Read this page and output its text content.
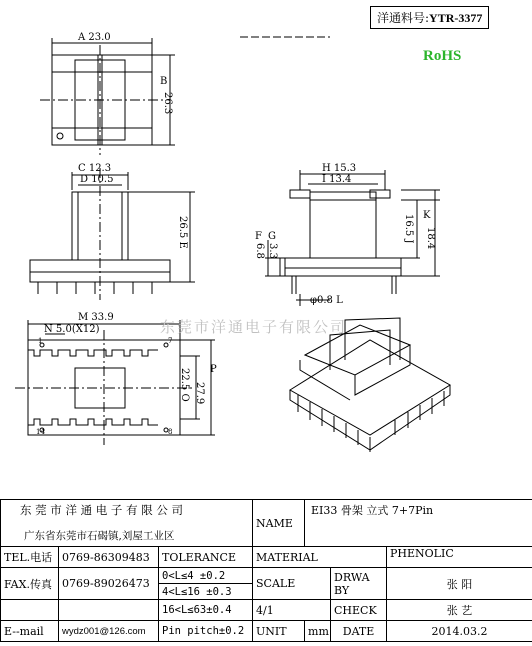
洋通料号:YTR-3377
RoHS
A 23.0
B
26.3
C 12.3
D 10.5
26.5 E
H 15.3
I 13.4
16.5 J K
18.4
F
6.8
G
3.3
φ0.8 L
M 33.9
N 5.0(X12)
22.5 O P
27.9
1
14
7
8
东莞市洋通电子有限公司
东 莞 市 洋 通 电 子 有 限 公 司
广东省东莞市石碣镇,刘屋工业区			NAME	EI33 骨架 立式 7+7Pin		

TEL.电话	0769-86309483	TOLERANCE	MATERIAL			PHENOLIC
FAX.传真	0769-89026473	0<L≤4 ±0.2	SCALE		DRWA BY	张 阳
		4<L≤16 ±0.3				
		16<L≤63±0.4	4/1		CHECK	张 艺
E--mail	wydz001@126.com	Pin pitch±0.2	UNIT	mm	DATE	2014.03.2
